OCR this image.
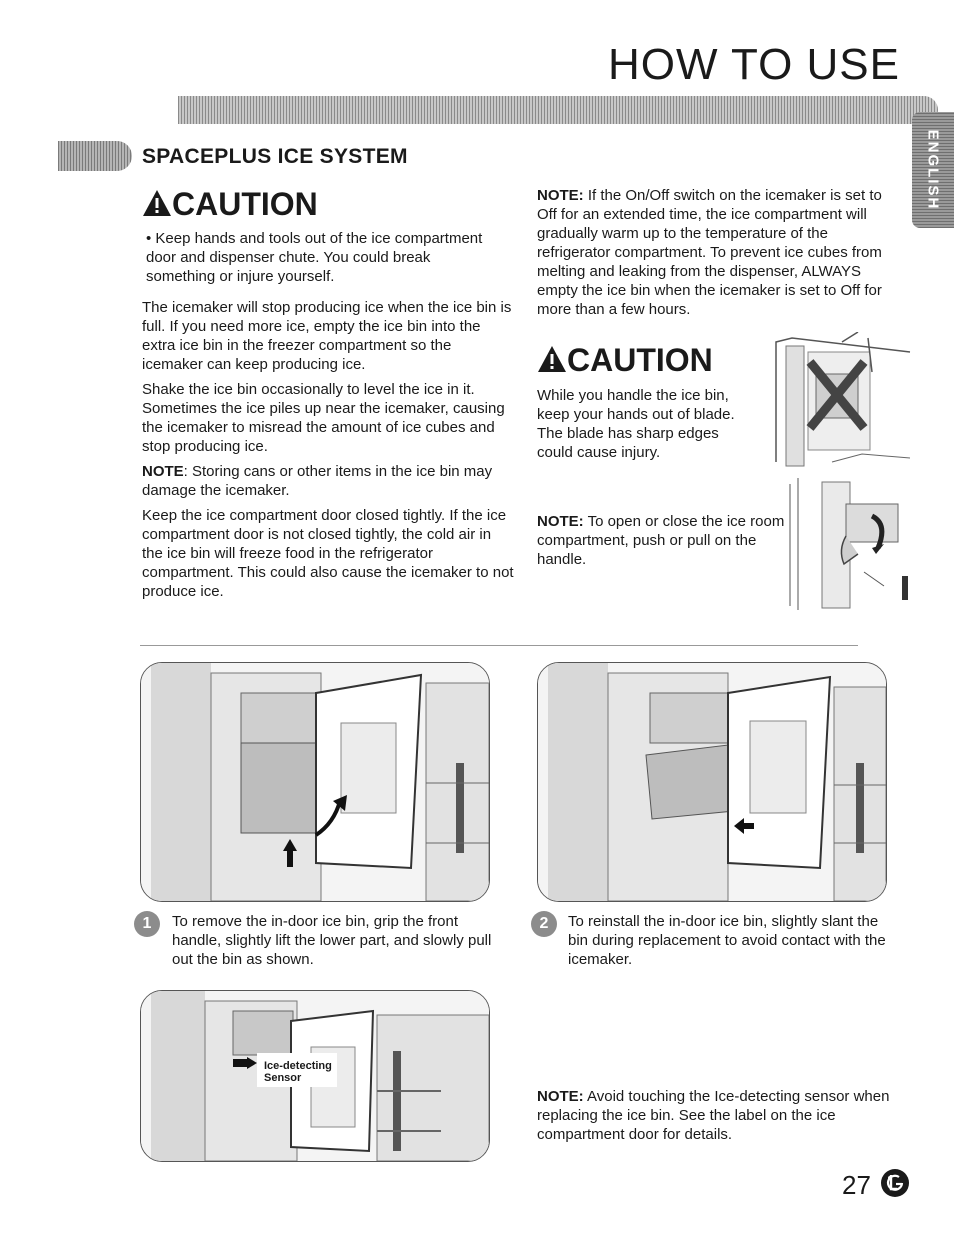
HOW TO USE
ENGLISH
SPACEPLUS ICE SYSTEM
CAUTION
• Keep hands and tools out of the ice compartment door and dispenser chute. You could break something or injure yourself.

The icemaker will stop producing ice when the ice bin is full. If you need more ice, empty the ice bin into the extra ice bin in the freezer compartment so the icemaker can keep producing ice.

Shake the ice bin occasionally to level the ice in it. Sometimes the ice piles up near the icemaker, causing the icemaker to misread the amount of ice cubes and stop producing ice.

NOTE: Storing cans or other items in the ice bin may damage the icemaker.

Keep the ice compartment door closed tightly. If the ice compartment door is not closed tightly, the cold air in the ice bin will freeze food in the refrigerator compartment. This could also cause the icemaker to not produce ice.

NOTE: If the On/Off switch on the icemaker is set to Off for an extended time, the ice compartment will gradually warm up to the temperature of the refrigerator compartment. To prevent ice cubes from melting and leaking from the dispenser, ALWAYS empty the ice bin when the icemaker is set to Off for more than a few hours.
CAUTION
While you handle the ice bin, keep your hands out of blade. The blade has sharp edges could cause injury.
NOTE: To open or close the ice room compartment, push or pull on the handle.
1	To remove the in-door ice bin, grip the front handle, slightly lift the lower part, and slowly pull out the bin as shown.
2	To reinstall the in-door ice bin, slightly slant the bin during replacement to avoid contact with the icemaker.
Ice-detecting
Sensor
NOTE: Avoid touching the Ice-detecting sensor when replacing the ice bin. See the label on the ice compartment door for details.
27
